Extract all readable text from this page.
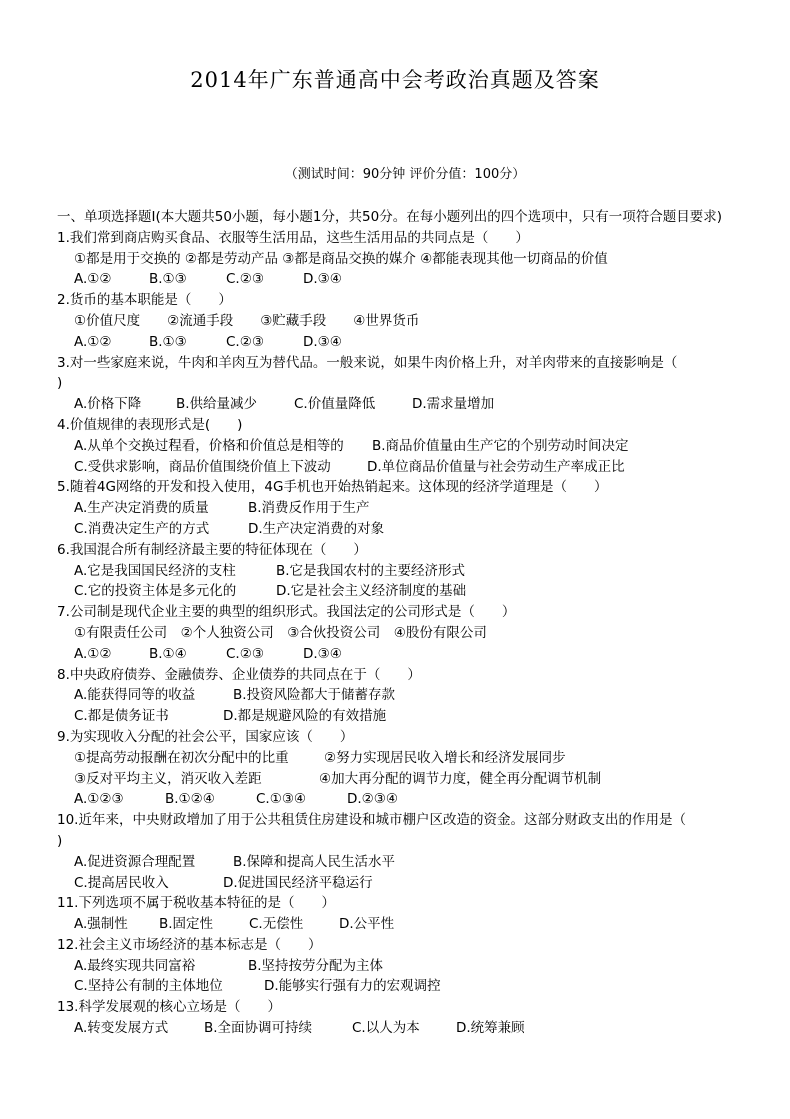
2014年广东普通高中会考政治真题及答案
（测试时间：90分钟 评价分值：100分）
一、单项选择题Ⅰ(本大题共50小题，每小题1分，共50分。在每小题列出的四个选项中，只有一项符合题目要求)
1.我们常到商店购买食品、衣服等生活用品，这些生活用品的共同点是（　　）
①都是用于交换的 ②都是劳动产品 ③都是商品交换的媒介 ④都能表现其他一切商品的价值
A.①②	B.①③	C.②③	D.③④
2.货币的基本职能是（　　）
①价值尺度　　②流通手段　　③贮藏手段　　④世界货币
A.①②	B.①③	C.②③	D.③④
3.对一些家庭来说，牛肉和羊肉互为替代品。一般来说，如果牛肉价格上升，对羊肉带来的直接影响是（
)
A.价格下降	B.供给量减少	C.价值量降低	D.需求量增加
4.价值规律的表现形式是(　　)
A.从单个交换过程看，价格和价值总是相等的 B.商品价值量由生产它的个别劳动时间决定
C.受供求影响，商品价值围绕价值上下波动	D.单位商品价值量与社会劳动生产率成正比
5.随着4G网络的开发和投入使用，4G手机也开始热销起来。这体现的经济学道理是（　　）
A.生产决定消费的质量	B.消费反作用于生产
C.消费决定生产的方式	D.生产决定消费的对象
6.我国混合所有制经济最主要的特征体现在（　　）
A.它是我国国民经济的支柱	B.它是我国农村的主要经济形式
C.它的投资主体是多元化的	D.它是社会主义经济制度的基础
7.公司制是现代企业主要的典型的组织形式。我国法定的公司形式是（　　）
①有限责任公司　②个人独资公司　③合伙投资公司　④股份有限公司
A.①②	B.①④	C.②③	D.③④
8.中央政府债券、金融债券、企业债券的共同点在于（　　）
A.能获得同等的收益	B.投资风险都大于储蓄存款
C.都是债务证书	D.都是规避风险的有效措施
9.为实现收入分配的社会公平，国家应该（　　）
①提高劳动报酬在初次分配中的比重	②努力实现居民收入增长和经济发展同步
③反对平均主义，消灭收入差距	④加大再分配的调节力度，健全再分配调节机制
A.①②③	B.①②④	C.①③④	D.②③④
10.近年来，中央财政增加了用于公共租赁住房建设和城市棚户区改造的资金。这部分财政支出的作用是（
)
A.促进资源合理配置	B.保障和提高人民生活水平
C.提高居民收入	D.促进国民经济平稳运行
11.下列选项不属于税收基本特征的是（　　）
A.强制性 B.固定性	C.无偿性	D.公平性
12.社会主义市场经济的基本标志是（　　）
A.最终实现共同富裕	B.坚持按劳分配为主体
C.坚持公有制的主体地位	D.能够实行强有力的宏观调控
13.科学发展观的核心立场是（　　）
A.转变发展方式	B.全面协调可持续	C.以人为本	D.统筹兼顾
